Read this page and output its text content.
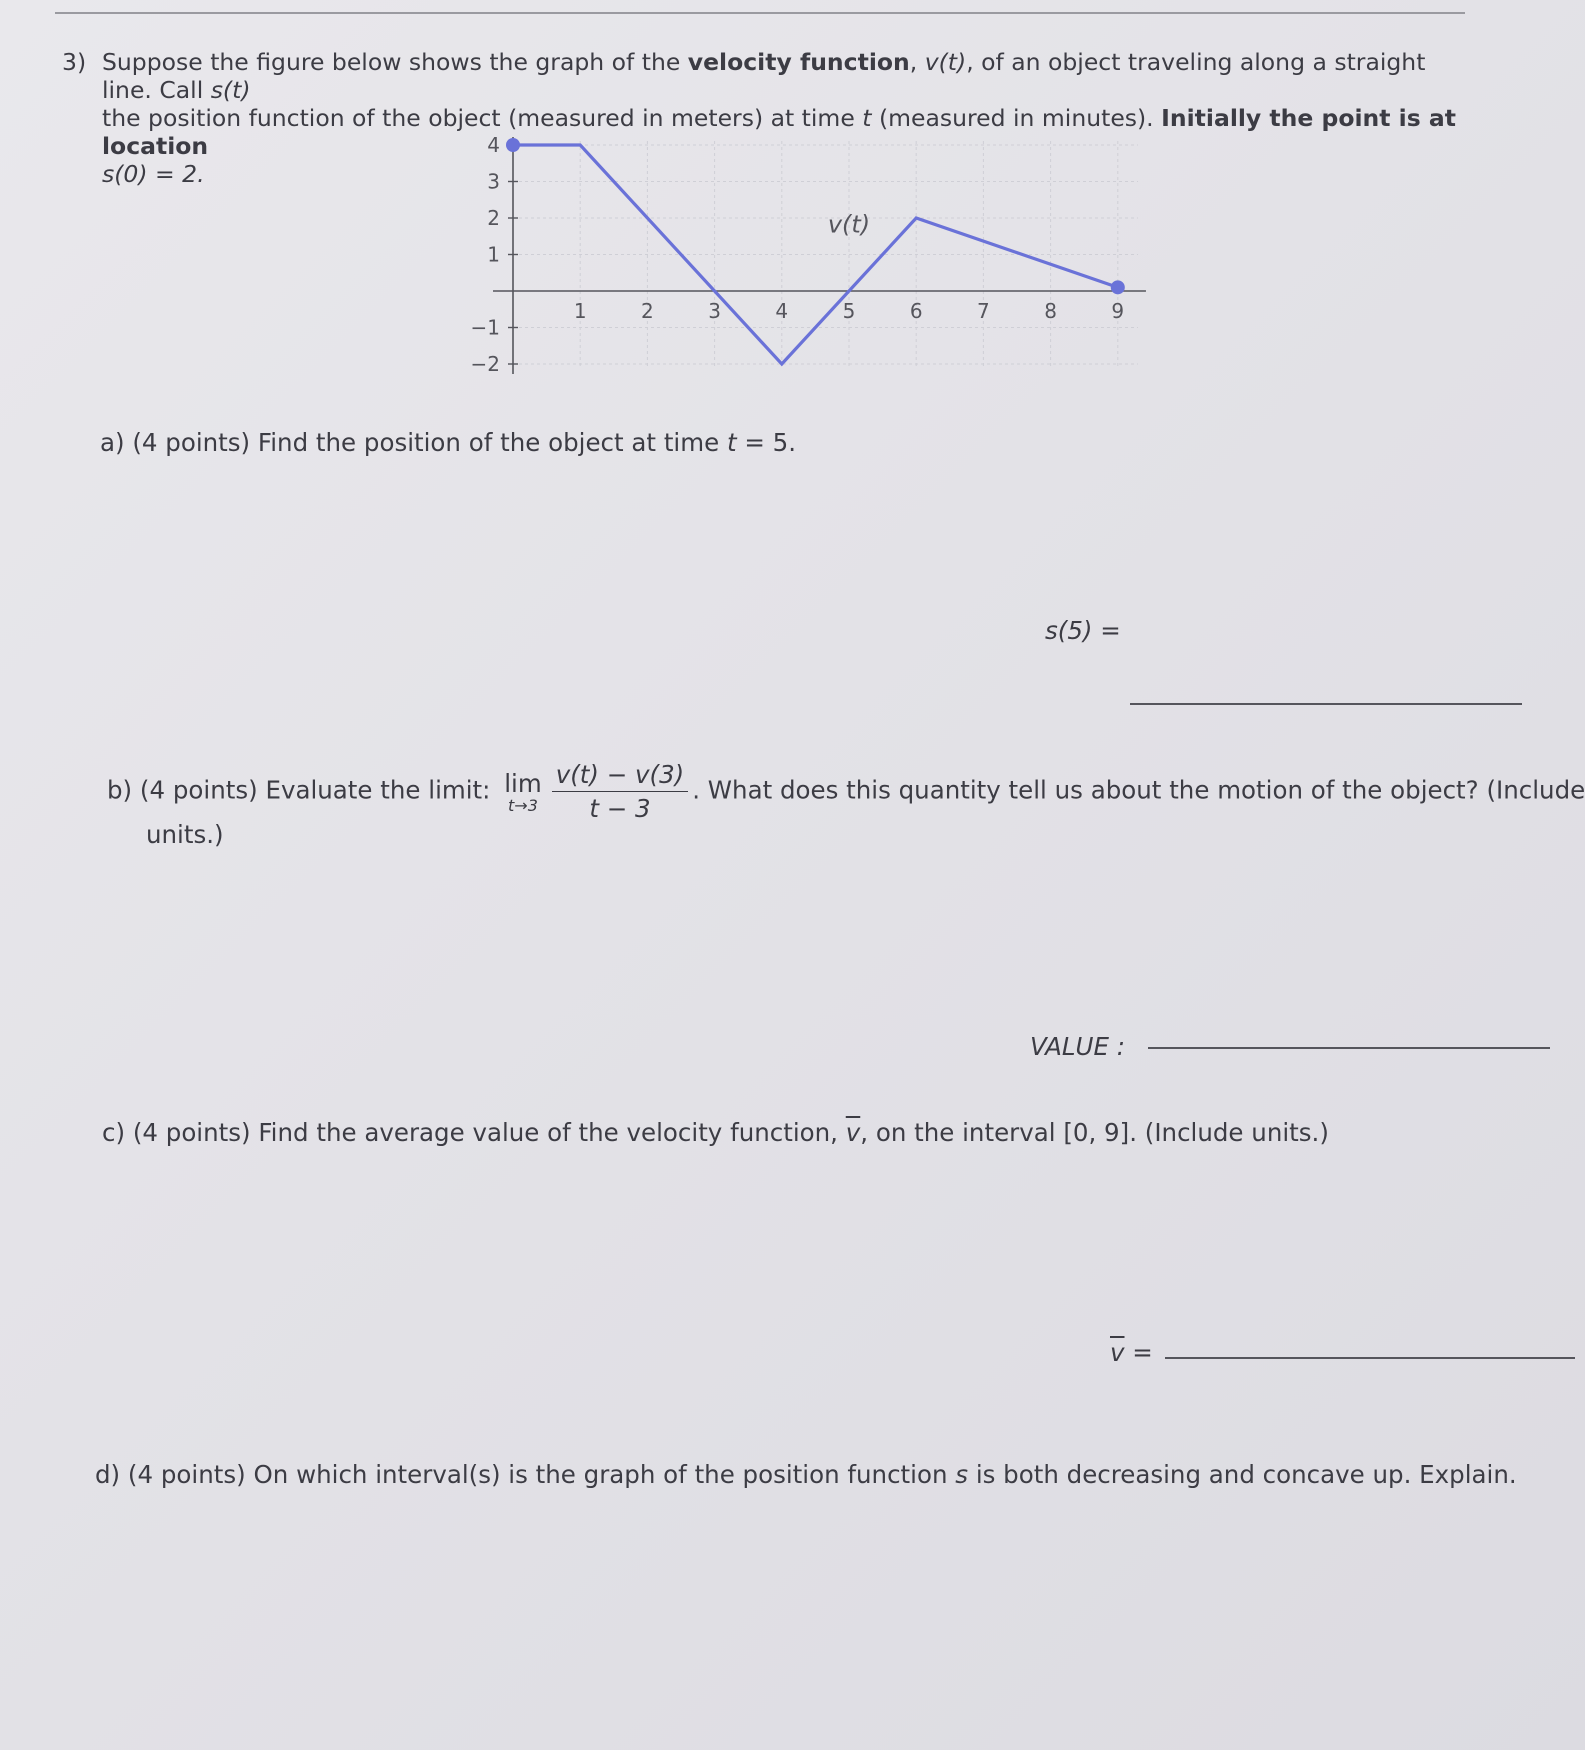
3) Suppose the figure below shows the graph of the velocity function, v(t), of an object traveling along a straight line. Call s(t)
the position function of the object (measured in meters) at time t (measured in minutes). Initially the point is at location
s(0) = 2.
1	2	3	4	5	6	7	8	9
4
3
2
1
−1
−2
v(t)
a) (4 points) Find the position of the object at time t = 5.
s(5) =
b) (4 points) Evaluate the limit: lim
$t\to 3 \frac{v(t) - v(3)}{t - 3}$ . What does this quantity tell us about the motion of the object? (Include
units.)
VALUE :
c) (4 points) Find the average value of the velocity function, $\overline{v}$, on the interval [0, 9]. (Include units.)
$\overline{v}$ =
d) (4 points) On which interval(s) is the graph of the position function s is both decreasing and concave up. Explain.
